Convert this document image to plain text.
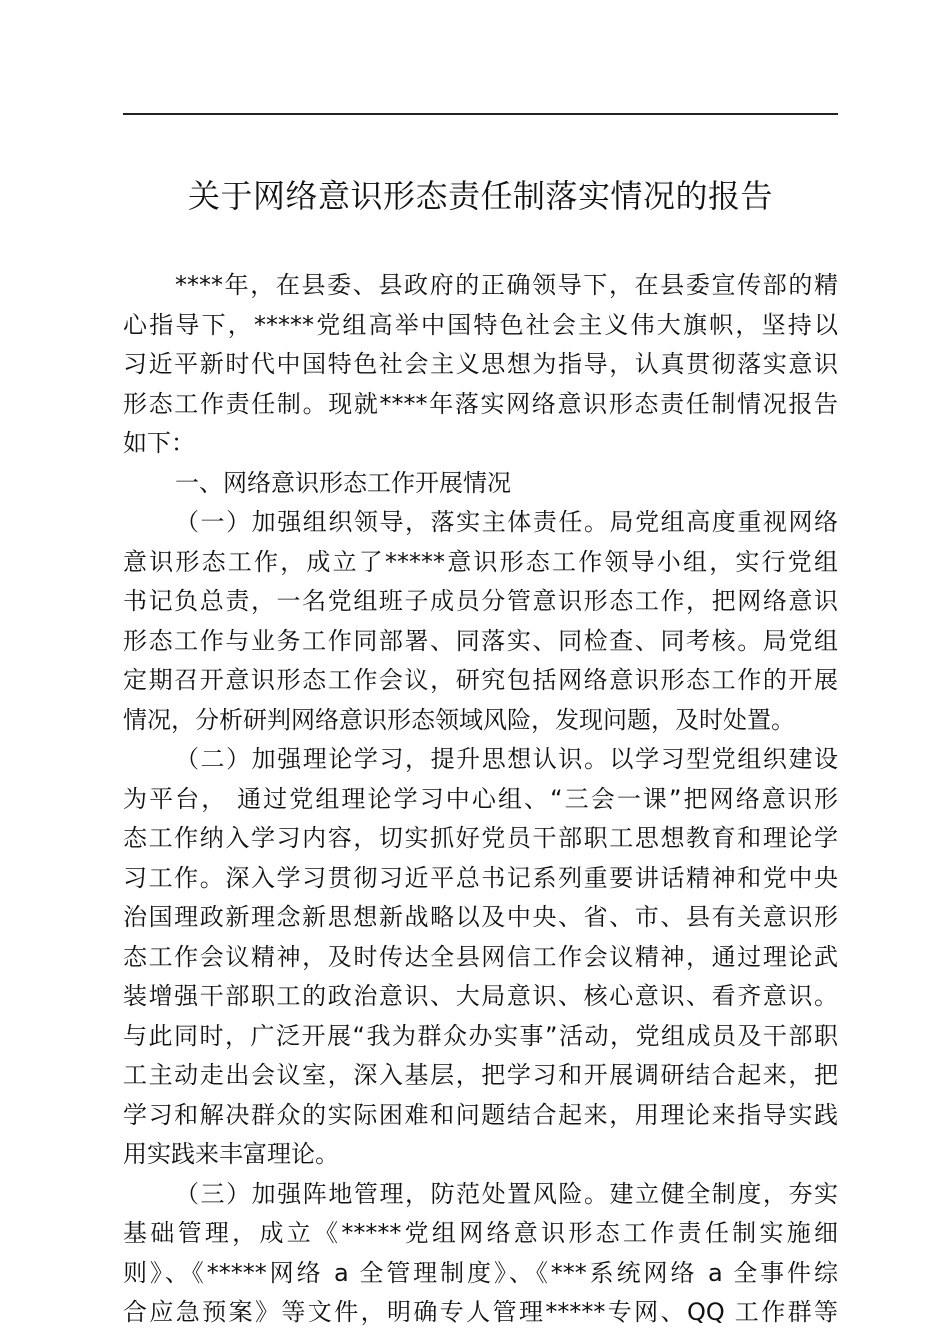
关于网络意识形态责任制落实情况的报告
****年，在县委、县政府的正确领导下，在县委宣传部的精
心指导下，*****党组高举中国特色社会主义伟大旗帜，坚持以
习近平新时代中国特色社会主义思想为指导，认真贯彻落实意识
形态工作责任制。现就****年落实网络意识形态责任制情况报告
如下：
一、网络意识形态工作开展情况
（一）加强组织领导，落实主体责任。局党组高度重视网络
意识形态工作，成立了*****意识形态工作领导小组，实行党组
书记负总责，一名党组班子成员分管意识形态工作，把网络意识
形态工作与业务工作同部署、同落实、同检查、同考核。局党组
定期召开意识形态工作会议，研究包括网络意识形态工作的开展
情况，分析研判网络意识形态领域风险，发现问题，及时处置。
（二）加强理论学习，提升思想认识。以学习型党组织建设
为平台， 通过党组理论学习中心组、“三会一课”把网络意识形
态工作纳入学习内容，切实抓好党员干部职工思想教育和理论学
习工作。深入学习贯彻习近平总书记系列重要讲话精神和党中央
治国理政新理念新思想新战略以及中央、省、市、县有关意识形
态工作会议精神，及时传达全县网信工作会议精神，通过理论武
装增强干部职工的政治意识、大局意识、核心意识、看齐意识。
与此同时，广泛开展“我为群众办实事”活动，党组成员及干部职
工主动走出会议室，深入基层，把学习和开展调研结合起来，把
学习和解决群众的实际困难和问题结合起来，用理论来指导实践
用实践来丰富理论。
（三）加强阵地管理，防范处置风险。建立健全制度，夯实
基础管理，成立《*****党组网络意识形态工作责任制实施细
则》、《*****网络 a 全管理制度》、《***系统网络 a 全事件综
合应急预案》等文件，明确专人管理*****专网、QQ 工作群等
